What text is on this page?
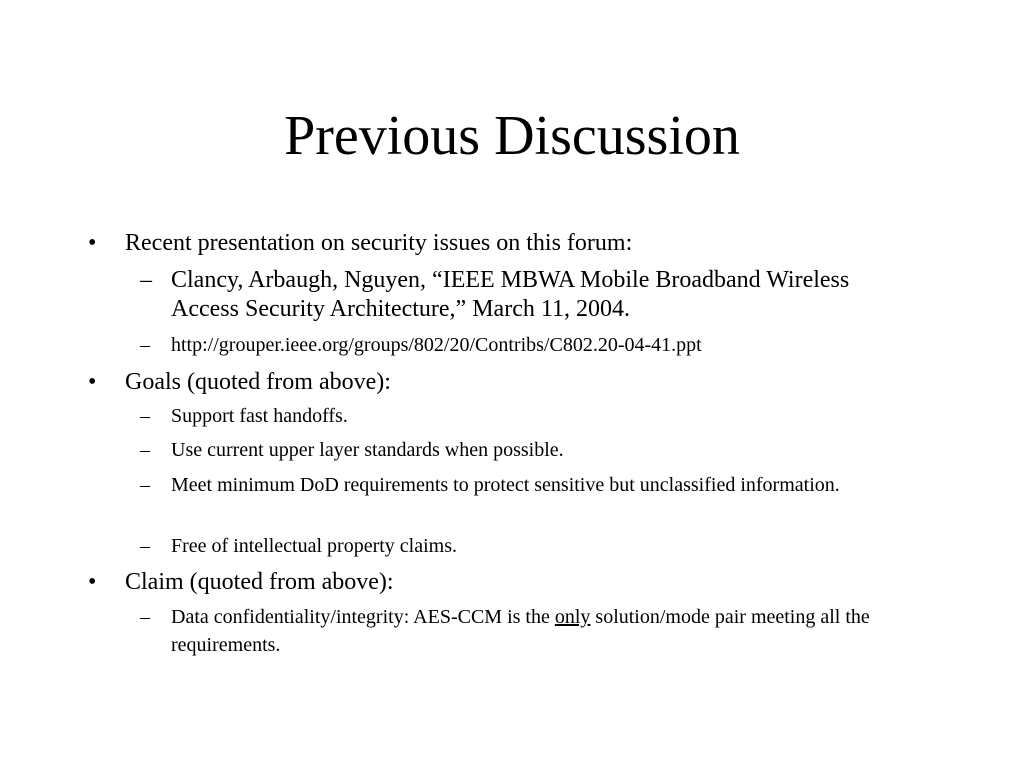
Previous Discussion
•	Recent presentation on security issues on this forum:
– Clancy, Arbaugh, Nguyen, “IEEE MBWA Mobile Broadband Wireless Access Security Architecture,” March 11, 2004.
– http://grouper.ieee.org/groups/802/20/Contribs/C802.20-04-41.ppt
•	Goals (quoted from above):
– Support fast handoffs.
– Use current upper layer standards when possible.
– Meet minimum DoD requirements to protect sensitive but unclassified information.
– Free of intellectual property claims.
•	Claim (quoted from above):
– Data confidentiality/integrity: AES-CCM is the only solution/mode pair meeting all the requirements.
